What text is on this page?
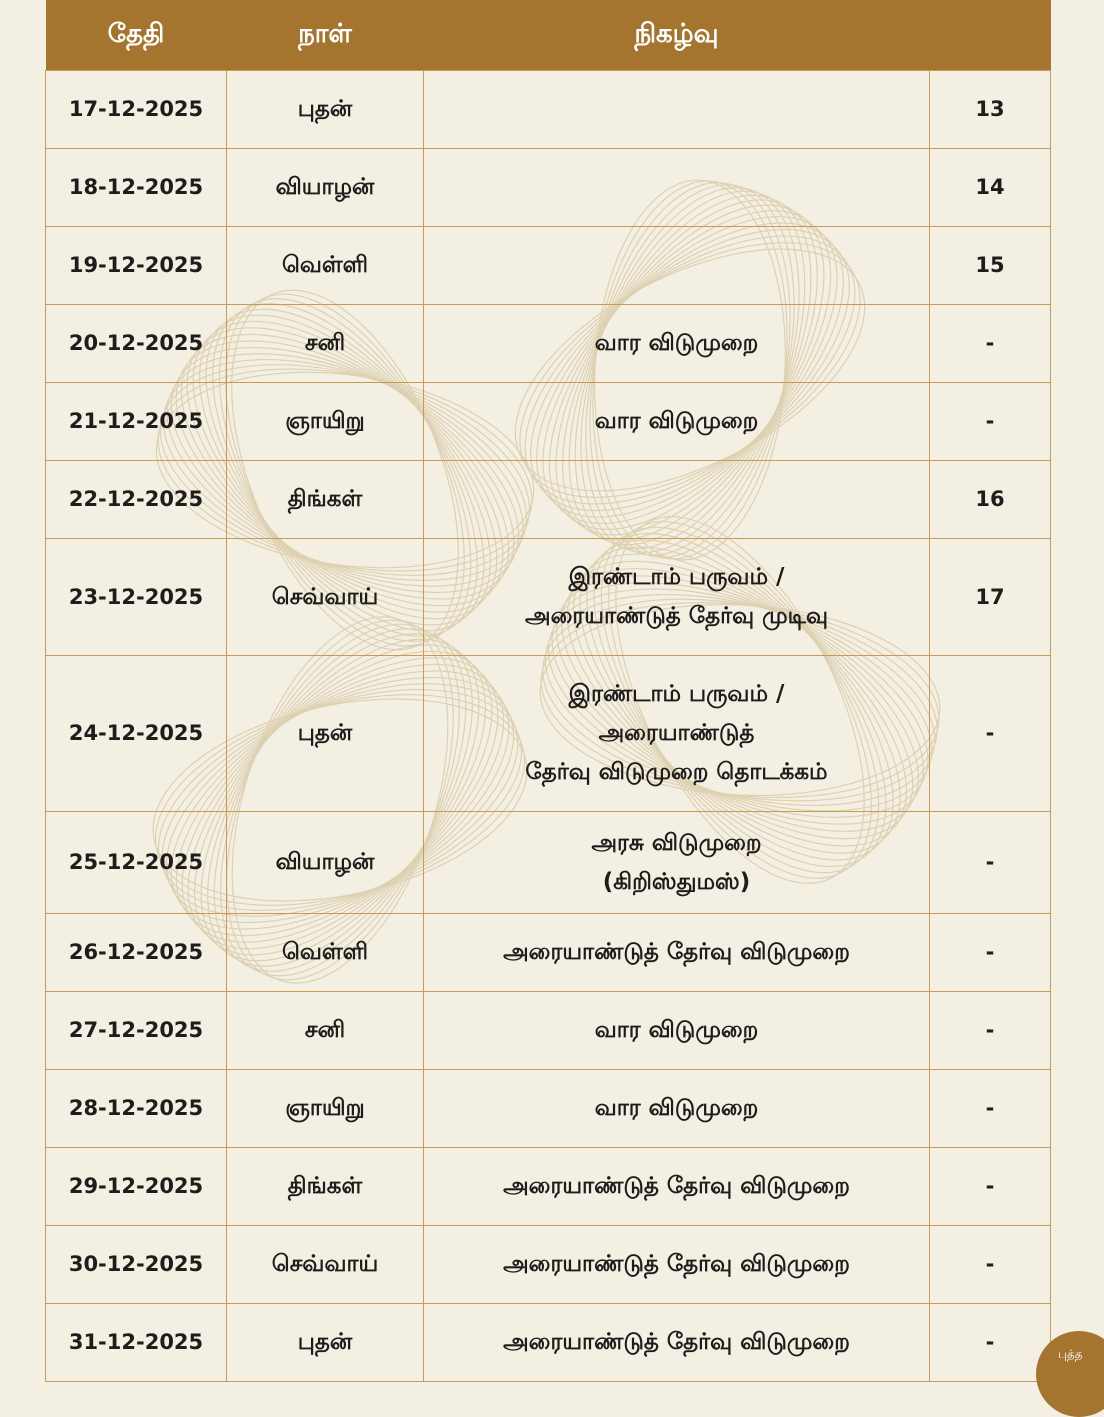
தேதி	நாள்	நிகழ்வு	
17-12-2025	புதன்		13
18-12-2025	வியாழன்		14
19-12-2025	வெள்ளி		15
20-12-2025	சனி	வார விடுமுறை	-
21-12-2025	ஞாயிறு	வார விடுமுறை	-
22-12-2025	திங்கள்		16
23-12-2025	செவ்வாய்	இரண்டாம் பருவம் /
அரையாண்டுத் தேர்வு முடிவு	17
24-12-2025	புதன்	இரண்டாம் பருவம் /
அரையாண்டுத்
தேர்வு விடுமுறை தொடக்கம்	-
25-12-2025	வியாழன்	அரசு விடுமுறை
(கிறிஸ்துமஸ்)	-
26-12-2025	வெள்ளி	அரையாண்டுத் தேர்வு விடுமுறை	-
27-12-2025	சனி	வார விடுமுறை	-
28-12-2025	ஞாயிறு	வார விடுமுறை	-
29-12-2025	திங்கள்	அரையாண்டுத் தேர்வு விடுமுறை	-
30-12-2025	செவ்வாய்	அரையாண்டுத் தேர்வு விடுமுறை	-
31-12-2025	புதன்	அரையாண்டுத் தேர்வு விடுமுறை	-	புத்த
